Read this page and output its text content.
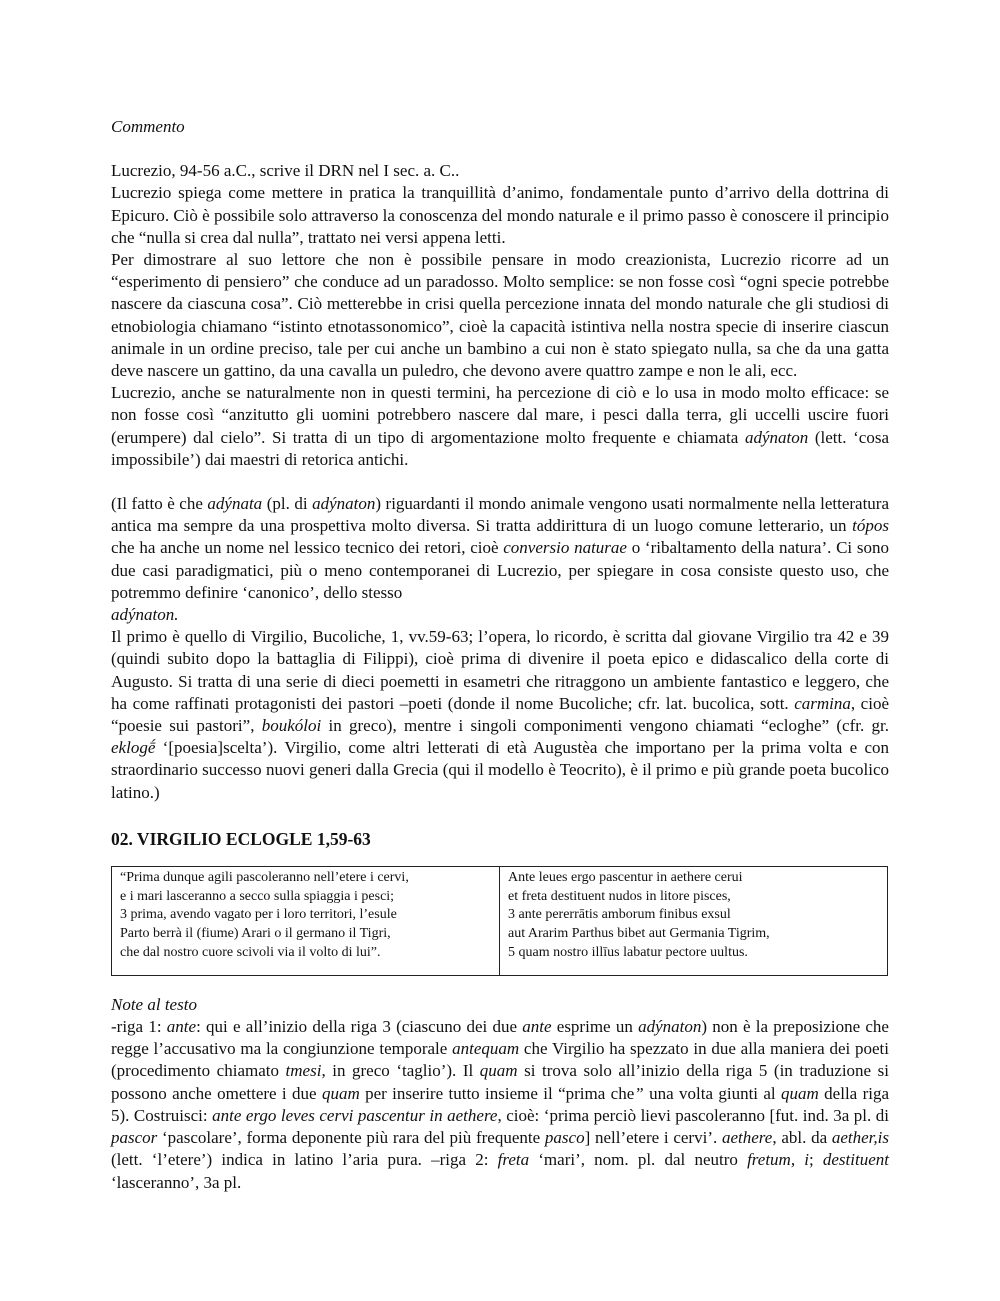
Commento

Lucrezio, 94-56 a.C., scrive il DRN nel I sec. a. C..

Lucrezio spiega come mettere in pratica la tranquillità d’animo, fondamentale punto d’arrivo della dottrina di Epicuro. Ciò è possibile solo attraverso la conoscenza del mondo naturale e il primo passo è conoscere il principio che “nulla si crea dal nulla”, trattato nei versi appena letti.

Per dimostrare al suo lettore che non è possibile pensare in modo creazionista, Lucrezio ricorre ad un “esperimento di pensiero” che conduce ad un paradosso. Molto semplice: se non fosse così “ogni specie potrebbe nascere da ciascuna cosa”. Ciò metterebbe in crisi quella percezione innata del mondo naturale che gli studiosi di etnobiologia chiamano “istinto etnotassonomico”, cioè la capacità istintiva nella nostra specie di inserire ciascun animale in un ordine preciso, tale per cui anche un bambino a cui non è stato spiegato nulla, sa che da una gatta deve nascere un gattino, da una cavalla un puledro, che devono avere quattro zampe e non le ali, ecc.

Lucrezio, anche se naturalmente non in questi termini, ha percezione di ciò e lo usa in modo molto efficace: se non fosse così “anzitutto gli uomini potrebbero nascere dal mare, i pesci dalla terra, gli uccelli uscire fuori (erumpere) dal cielo”. Si tratta di un tipo di argomentazione molto frequente e chiamata adýnaton (lett. ‘cosa impossibile’) dai maestri di retorica antichi.

(Il fatto è che adýnata (pl. di adýnaton) riguardanti il mondo animale vengono usati normalmente nella letteratura antica ma sempre da una prospettiva molto diversa. Si tratta addirittura di un luogo comune letterario, un tópos che ha anche un nome nel lessico tecnico dei retori, cioè conversio naturae o ‘ribaltamento della natura’. Ci sono due casi paradigmatici, più o meno contemporanei di Lucrezio, per spiegare in cosa consiste questo uso, che potremmo definire ‘canonico’, dello stesso
adýnaton.

Il primo è quello di Virgilio, Bucoliche, 1, vv.59-63; l’opera, lo ricordo, è scritta dal giovane Virgilio tra 42 e 39 (quindi subito dopo la battaglia di Filippi), cioè prima di divenire il poeta epico e didascalico della corte di Augusto. Si tratta di una serie di dieci poemetti in esametri che ritraggono un ambiente fantastico e leggero, che ha come raffinati protagonisti dei pastori –poeti (donde il nome Bucoliche; cfr. lat. bucolica, sott. carmina, cioè “poesie sui pastori”, boukóloi in greco), mentre i singoli componimenti vengono chiamati “ecloghe” (cfr. gr. eklogḗ ‘[poesia]scelta’). Virgilio, come altri letterati di età Augustèa che importano per la prima volta e con straordinario successo nuovi generi dalla Grecia (qui il modello è Teocrito), è il primo e più grande poeta bucolico latino.)

02. VIRGILIO ECLOGLE 1,59-63
“Prima dunque agili pascoleranno nell’etere i cervi,
e i mari lasceranno a secco sulla spiaggia i pesci;
3 prima, avendo vagato per i loro territori, l’esule
Parto berrà il (fiume) Arari o il germano il Tigri,
che dal nostro cuore scivoli via il volto di lui”.

Ante leues ergo pascentur in aethere cerui
et freta destituent nudos in litore pisces,
3 ante pererrātis amborum finibus exsul
aut Ararim Parthus bibet aut Germania Tigrim,
5 quam nostro illīus labatur pectore uultus.

Note al testo

-riga 1: ante: qui e all’inizio della riga 3 (ciascuno dei due ante esprime un adýnaton) non è la preposizione che regge l’accusativo ma la congiunzione temporale antequam che Virgilio ha spezzato in due alla maniera dei poeti (procedimento chiamato tmesi, in greco ‘taglio’). Il quam si trova solo all’inizio della riga 5 (in traduzione si possono anche omettere i due quam per inserire tutto insieme il “prima che” una volta giunti al quam della riga 5). Costruisci: ante ergo leves cervi pascentur in aethere, cioè: ‘prima perciò lievi pascoleranno [fut. ind. 3a pl. di pascor ‘pascolare’, forma deponente più rara del più frequente pasco] nell’etere i cervi’. aethere, abl. da aether,is (lett. ‘l’etere’) indica in latino l’aria pura. –riga 2: freta ‘mari’, nom. pl. dal neutro fretum, i; destituent ‘lasceranno’, 3a pl.
